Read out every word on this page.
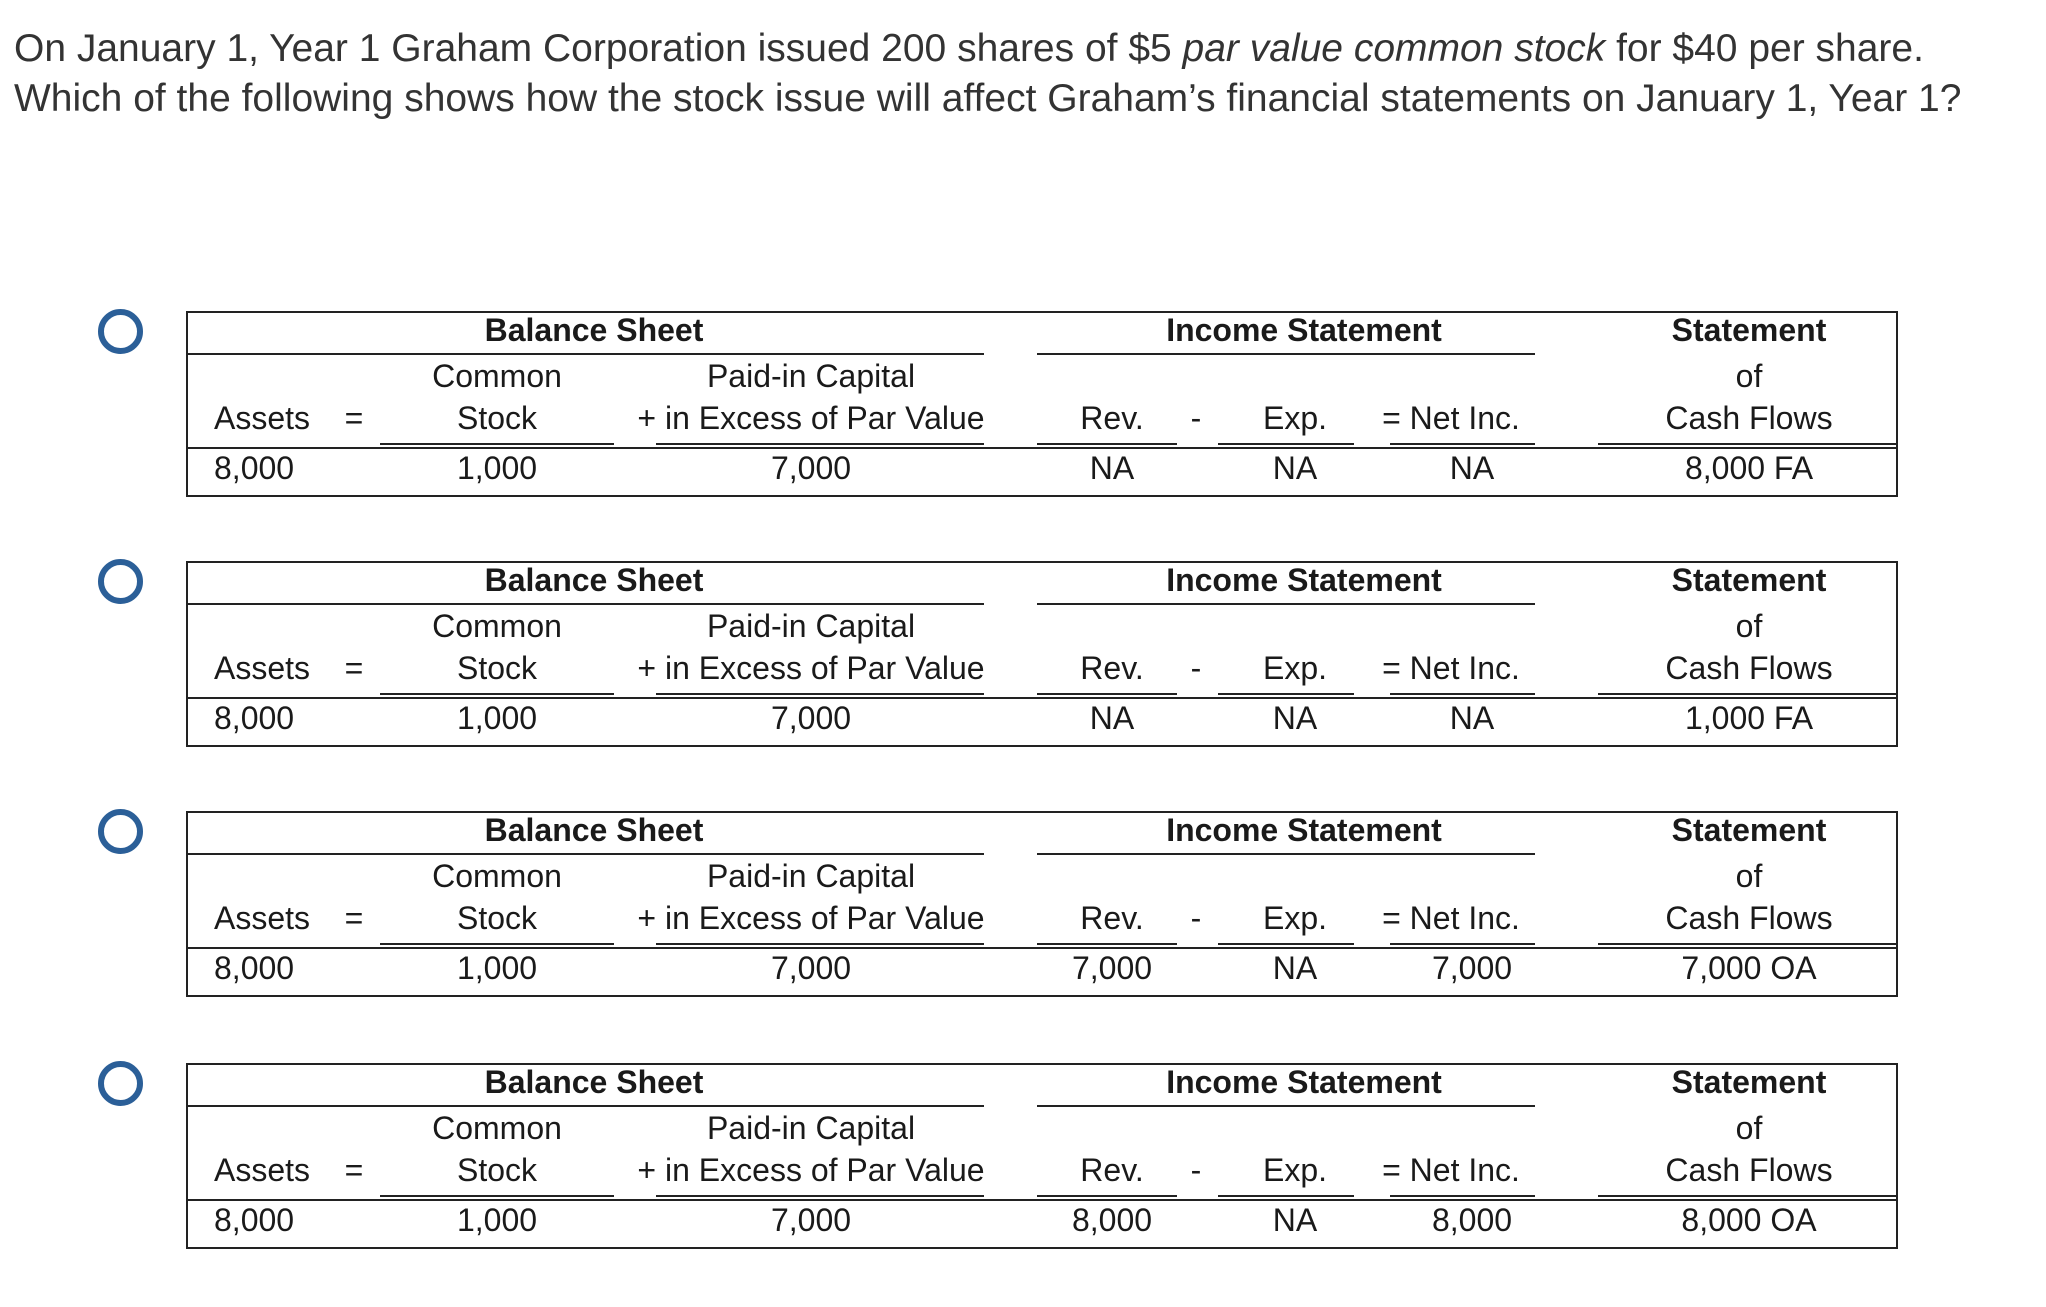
On January 1, Year 1 Graham Corporation issued 200 shares of $5 par value common stock for $40 per share. Which of the following shows how the stock issue will affect Graham’s financial statements on January 1, Year 1?
Balance Sheet	Income Statement	Statement
Common	Paid-in Capital	of
Assets =	Stock	+ in Excess of Par Value	Rev. - Exp. = Net Inc.	Cash Flows
8,000	1,000	7,000	NA	NA	NA	8,000 FA
Balance Sheet	Income Statement	Statement
Common	Paid-in Capital	of
Assets =	Stock	+ in Excess of Par Value	Rev. - Exp. = Net Inc.	Cash Flows
8,000	1,000	7,000	NA	NA	NA	1,000 FA
Balance Sheet	Income Statement	Statement
Common	Paid-in Capital	of
Assets =	Stock	+ in Excess of Par Value	Rev. - Exp. = Net Inc.	Cash Flows
8,000	1,000	7,000	7,000	NA	7,000	7,000 OA
Balance Sheet	Income Statement	Statement
Common	Paid-in Capital	of
Assets =	Stock	+ in Excess of Par Value	Rev. - Exp. = Net Inc.	Cash Flows
8,000	1,000	7,000	8,000	NA	8,000	8,000 OA
